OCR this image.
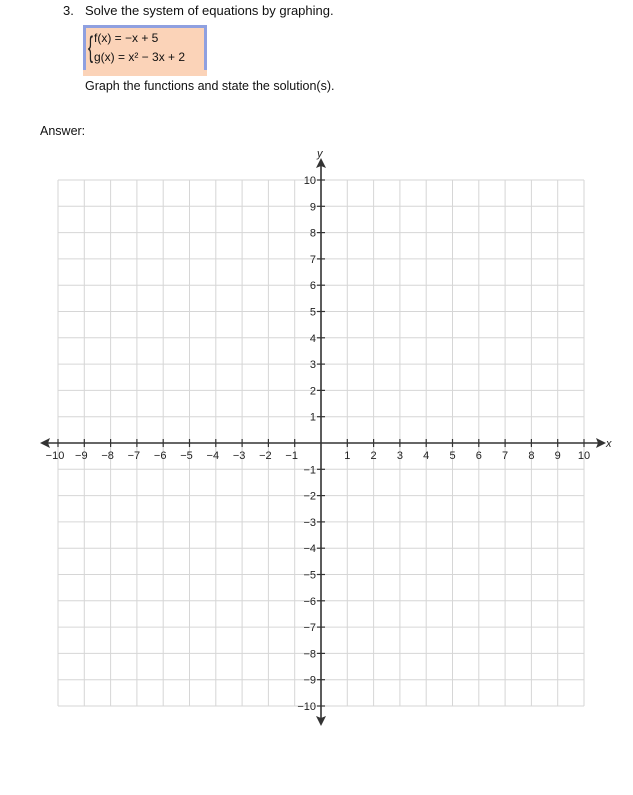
3. Solve the system of equations by graphing.
{ f(x) = −x + 5
g(x) = x² − 3x + 2
Graph the functions and state the solution(s).
Answer:
x
y
−10 −9 −8 −7 −6 −5 −4 −3 −2 −1	1 2 3 4 5 6 7 8 9 10
10
9
8
7
6
5
4
3
2
1
−1
−2
−3
−4
−5
−6
−7
−8
−9
−10
